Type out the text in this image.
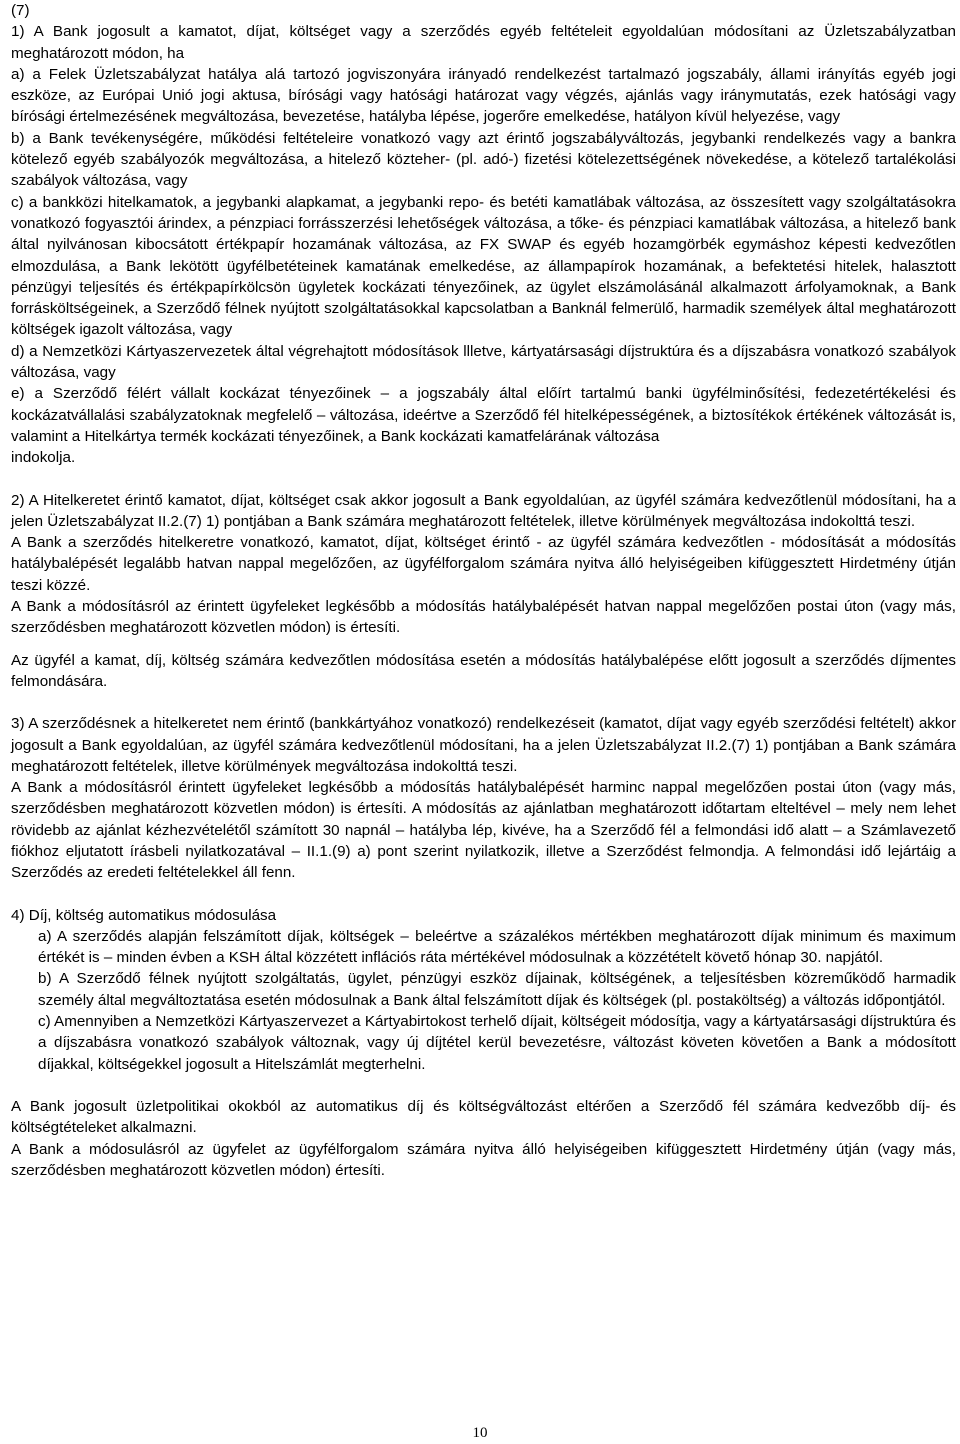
(7)

1) A Bank jogosult a kamatot, díjat, költséget vagy a szerződés egyéb feltételeit egyoldalúan módosítani az Üzletszabályzatban meghatározott módon, ha

a) a Felek Üzletszabályzat hatálya alá tartozó jogviszonyára irányadó rendelkezést tartalmazó jogszabály, állami irányítás egyéb jogi eszköze, az Európai Unió jogi aktusa, bírósági vagy hatósági határozat vagy végzés, ajánlás vagy iránymutatás, ezek hatósági vagy bírósági értelmezésének megváltozása, bevezetése, hatályba lépése, jogerőre emelkedése, hatályon kívül helyezése, vagy

b) a Bank tevékenységére, működési feltételeire vonatkozó vagy azt érintő jogszabályváltozás, jegybanki rendelkezés vagy a bankra kötelező egyéb szabályozók megváltozása, a hitelező közteher- (pl. adó-) fizetési kötelezettségének növekedése, a kötelező tartalékolási szabályok változása, vagy

c) a bankközi hitelkamatok, a jegybanki alapkamat, a jegybanki repo- és betéti kamatlábak változása, az összesített vagy szolgáltatásokra vonatkozó fogyasztói árindex, a pénzpiaci forrásszerzési lehetőségek változása, a tőke- és pénzpiaci kamatlábak változása, a hitelező bank által nyilvánosan kibocsátott értékpapír hozamának változása, az FX SWAP és egyéb hozamgörbék egymáshoz képesti kedvezőtlen elmozdulása, a Bank lekötött ügyfélbetéteinek kamatának emelkedése, az állampapírok hozamának, a befektetési hitelek, halasztott pénzügyi teljesítés és értékpapírkölcsön ügyletek kockázati tényezőinek, az ügylet elszámolásánál alkalmazott árfolyamoknak, a Bank forrásköltségeinek, a Szerződő félnek nyújtott szolgáltatásokkal kapcsolatban a Banknál felmerülő, harmadik személyek által meghatározott költségek igazolt változása, vagy

d) a Nemzetközi Kártyaszervezetek által végrehajtott módosítások llletve, kártyatársasági díjstruktúra és a díjszabásra vonatkozó szabályok változása, vagy

e) a Szerződő félért vállalt kockázat tényezőinek – a jogszabály által előírt tartalmú banki ügyfélminősítési, fedezetértékelési és kockázatvállalási szabályzatoknak megfelelő – változása, ideértve a Szerződő fél hitelképességének, a biztosítékok értékének változását is, valamint a Hitelkártya termék kockázati tényezőinek, a Bank kockázati kamatfelárának változása

indokolja.

2) A Hitelkeretet érintő kamatot, díjat, költséget csak akkor jogosult a Bank egyoldalúan, az ügyfél számára kedvezőtlenül módosítani, ha a jelen Üzletszabályzat II.2.(7) 1) pontjában a Bank számára meghatározott feltételek, illetve körülmények megváltozása indokolttá teszi.

A Bank a szerződés hitelkeretre vonatkozó, kamatot, díjat, költséget érintő - az ügyfél számára kedvezőtlen - módosítását a módosítás hatálybalépését legalább hatvan nappal megelőzően, az ügyfélforgalom számára nyitva álló helyiségeiben kifüggesztett Hirdetmény útján teszi közzé.

A Bank a módosításról az érintett ügyfeleket legkésőbb a módosítás hatálybalépését hatvan nappal megelőzően postai úton (vagy más, szerződésben meghatározott közvetlen módon) is értesíti.

Az ügyfél a kamat, díj, költség számára kedvezőtlen módosítása esetén a módosítás hatálybalépése előtt jogosult a szerződés díjmentes felmondására.

3) A szerződésnek a hitelkeretet nem érintő (bankkártyához vonatkozó) rendelkezéseit (kamatot, díjat vagy egyéb szerződési feltételt) akkor jogosult a Bank egyoldalúan, az ügyfél számára kedvezőtlenül módosítani, ha a jelen Üzletszabályzat II.2.(7) 1) pontjában a Bank számára meghatározott feltételek, illetve körülmények megváltozása indokolttá teszi.

A Bank a módosításról érintett ügyfeleket legkésőbb a módosítás hatálybalépését harminc nappal megelőzően postai úton (vagy más, szerződésben meghatározott közvetlen módon) is értesíti. A módosítás az ajánlatban meghatározott időtartam elteltével – mely nem lehet rövidebb az ajánlat kézhezvételétől számított 30 napnál – hatályba lép, kivéve, ha a Szerződő fél a felmondási idő alatt – a Számlavezető fiókhoz eljutatott írásbeli nyilatkozatával – II.1.(9) a) pont szerint nyilatkozik, illetve a Szerződést felmondja. A felmondási idő lejártáig a Szerződés az eredeti feltételekkel áll fenn.

4) Díj, költség automatikus módosulása

a) A szerződés alapján felszámított díjak, költségek – beleértve a százalékos mértékben meghatározott díjak minimum és maximum értékét is – minden évben a KSH által közzétett inflációs ráta mértékével módosulnak a közzétételt követő hónap 30. napjától.

b) A Szerződő félnek nyújtott szolgáltatás, ügylet, pénzügyi eszköz díjainak, költségének, a teljesítésben közreműködő harmadik személy által megváltoztatása esetén módosulnak a Bank által felszámított díjak és költségek (pl. postaköltség) a változás időpontjától.

c) Amennyiben a Nemzetközi Kártyaszervezet a Kártyabirtokost terhelő díjait, költségeit módosítja, vagy a kártyatársasági díjstruktúra és a díjszabásra vonatkozó szabályok változnak, vagy új díjtétel kerül bevezetésre, változást követen követően a Bank a módosított díjakkal, költségekkel jogosult a Hitelszámlát megterhelni.

A Bank jogosult üzletpolitikai okokból az automatikus díj és költségváltozást eltérően a Szerződő fél számára kedvezőbb díj- és költségtételeket alkalmazni.

A Bank a módosulásról az ügyfelet az ügyfélforgalom számára nyitva álló helyiségeiben kifüggesztett Hirdetmény útján (vagy más, szerződésben meghatározott közvetlen módon) értesíti.

10
